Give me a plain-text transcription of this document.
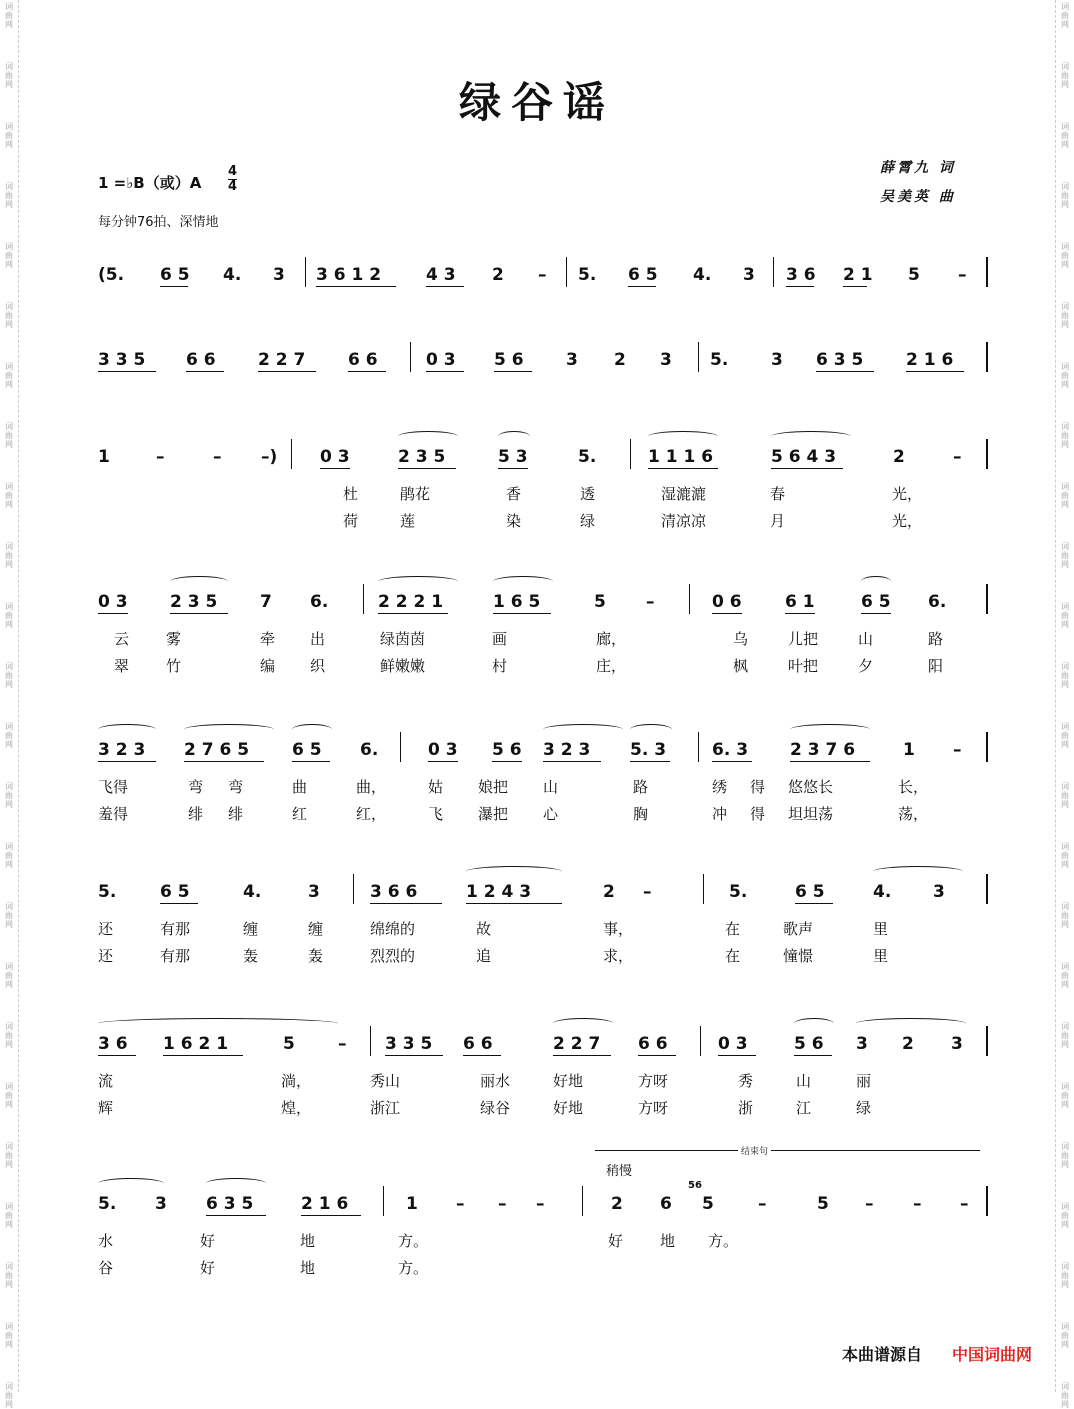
绿谷谣
1 =♭B（或）A
4
4
每分钟76拍、深情地
薛霄九 词
吴美英 曲
(5. 6 5 4. 3 3 6 1 2	4 3 2 – 5. 6 5 4. 3 3 6 2 1 5 –
3 3 5 6 6 2 2 7	6 6	0 3 5 6 3 2 3 5.	3 6 3 5	2 1 6
杜	鹃花	香	透	湿漉漉	春	光，
荷	莲	染	绿	清凉凉	月	光，
1	–	– –)	0 3	2 3 5	5 3	5.	1 1 1 6	5 6 4 3	2	–
云 雾	牵 出	绿茵茵	画	廊，	乌	儿把	山	路
翠 竹	编 织	鲜嫩嫩	村	庄，	枫	叶把	夕	阳
0 3 2 3 5	7 6.	2 2 2 1	1 6 5	5 –	0 6	6 1	6 5 6.
飞得	弯 弯	曲	曲，	姑 娘把 山	路	绣 得 悠悠长	长，
羞得	绯 绯	红	红，	飞 瀑把 心	胸	冲 得 坦坦荡	荡，
3 2 3 2 7 6 5	6 5 6.	0 3 5 6 3 2 3 5. 3	6. 3 2 3 7 6	1 –
还	有那	缠	缠	绵绵的	故	事，	在	歌声	里
还	有那	轰	轰	烈烈的	追	求，	在	憧憬	里
5.	6 5	4.	3	3 6 6	1 2 4 3	2 –	5.	6 5	4. 3
流	淌，	秀山	丽水	好地	方呀	秀	山	丽
辉	煌，	浙江	绿谷	好地	方呀	浙	江	绿
3 6 1 6 2 1	5	– 3 3 5 6 6	2 2 7 6 6	0 3	5 6 3 2 3
水	好	地	方。	好 地 方。
谷	好	地	方。
5. 3 6 3 5	2 1 6	1 – – –	2 6 5	–	5 – – –
56
结束句
稍慢
本曲谱源自 中国词曲网
词
曲
网
词
曲
网
词
曲
网
词
曲
网
词
曲
网
词
曲
网
词
曲
网
词
曲
网
词
曲
网
词
曲
网
词
曲
网
词
曲
网
词
曲
网
词
曲
网
词
曲
网
词
曲
网
词
曲
网
词
曲
网
词
曲
网
词
曲
网
词
曲
网
词
曲
网
词
曲
网
词
曲
网
词
曲
网
词
曲
网
词
曲
网
词
曲
网
词
曲
网
词
曲
网
词
曲
网
词
曲
网
词
曲
网
词
曲
网
词
曲
网
词
曲
网
词
曲
网
词
曲
网
词
曲
网
词
曲
网
词
曲
网
词
曲
网
词
曲
网
词
曲
网
词
曲
网
词
曲
网
词
曲
网
词
曲
网
